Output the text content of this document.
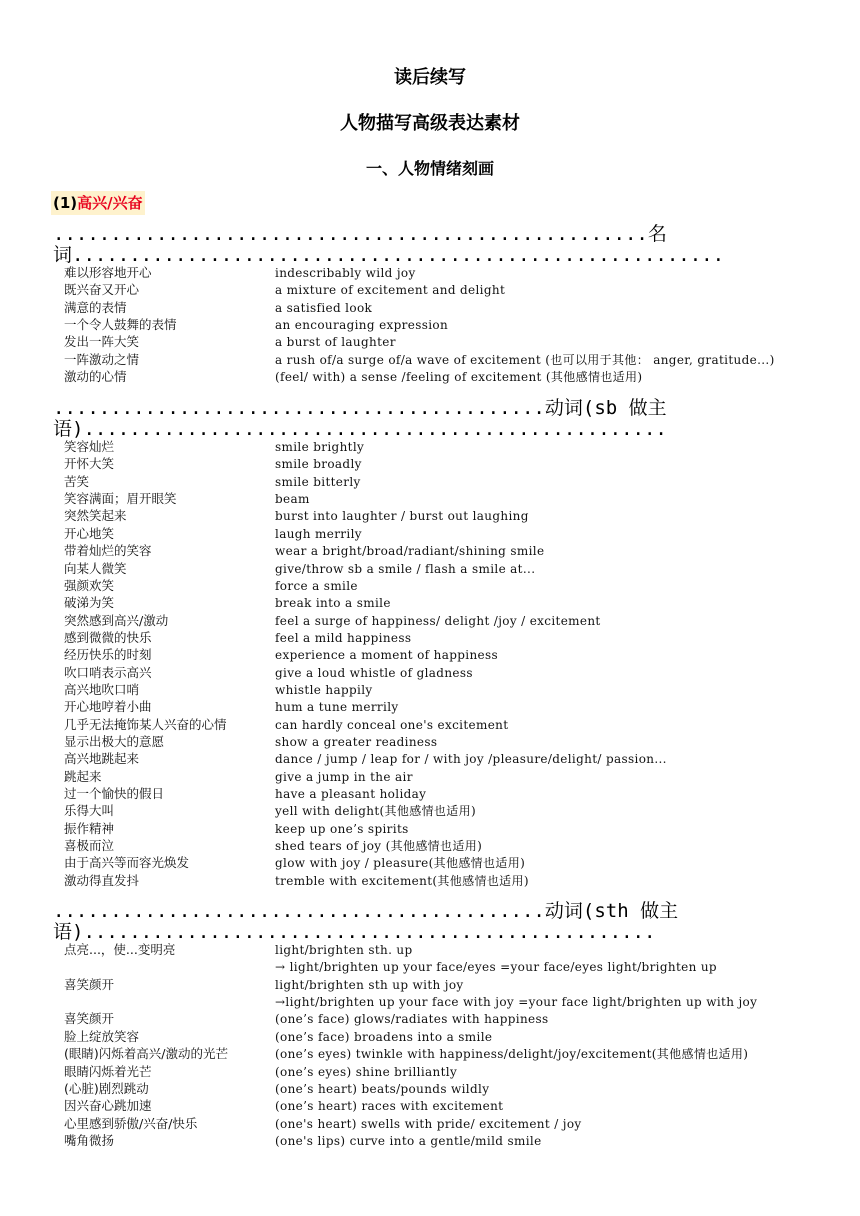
读后续写
人物描写高级表达素材
一、人物情绪刻画
(1)高兴/兴奋
....................................................名
词.........................................................
难以形容地开心	indescribably wild joy
既兴奋又开心	a mixture of excitement and delight
满意的表情	a satisfied look
一个令人鼓舞的表情	an encouraging expression
发出一阵大笑	a burst of laughter
一阵激动之情	a rush of/a surge of/a wave of excitement (也可以用于其他： anger, gratitude...)
激动的心情	(feel/ with) a sense /feeling of excitement (其他感情也适用)
...........................................动词(sb 做主
语)...................................................
笑容灿烂	smile brightly
开怀大笑	smile broadly
苦笑	smile bitterly
笑容满面；眉开眼笑	beam
突然笑起来	burst into laughter / burst out laughing
开心地笑	laugh merrily
带着灿烂的笑容	wear a bright/broad/radiant/shining smile
向某人微笑	give/throw sb a smile / flash a smile at...
强颜欢笑	force a smile
破涕为笑	break into a smile
突然感到高兴/激动	feel a surge of happiness/ delight /joy / excitement
感到微微的快乐	feel a mild happiness
经历快乐的时刻	experience a moment of happiness
吹口哨表示高兴	give a loud whistle of gladness
高兴地吹口哨	whistle happily
开心地哼着小曲	hum a tune merrily
几乎无法掩饰某人兴奋的心情	can hardly conceal one's excitement
显示出极大的意愿	show a greater readiness
高兴地跳起来	dance / jump / leap for / with joy /pleasure/delight/ passion...
跳起来	give a jump in the air
过一个愉快的假日	have a pleasant holiday
乐得大叫	yell with delight(其他感情也适用)
振作精神	keep up one’s spirits
喜极而泣	shed tears of joy (其他感情也适用)
由于高兴等而容光焕发	glow with joy / pleasure(其他感情也适用)
激动得直发抖	tremble with excitement(其他感情也适用)
...........................................动词(sth 做主
语)..................................................
点亮...，使...变明亮	light/brighten sth. up
→ light/brighten up your face/eyes =your face/eyes light/brighten up
喜笑颜开	light/brighten sth up with joy
→light/brighten up your face with joy =your face light/brighten up with joy
喜笑颜开	(one’s face) glows/radiates with happiness
脸上绽放笑容	(one’s face) broadens into a smile
(眼睛)闪烁着高兴/激动的光芒	(one’s eyes) twinkle with happiness/delight/joy/excitement(其他感情也适用)
眼睛闪烁着光芒	(one’s eyes) shine brilliantly
(心脏)剧烈跳动	(one’s heart) beats/pounds wildly
因兴奋心跳加速	(one’s heart) races with excitement
心里感到骄傲/兴奋/快乐	(one's heart) swells with pride/ excitement / joy
嘴角微扬	(one's lips) curve into a gentle/mild smile
